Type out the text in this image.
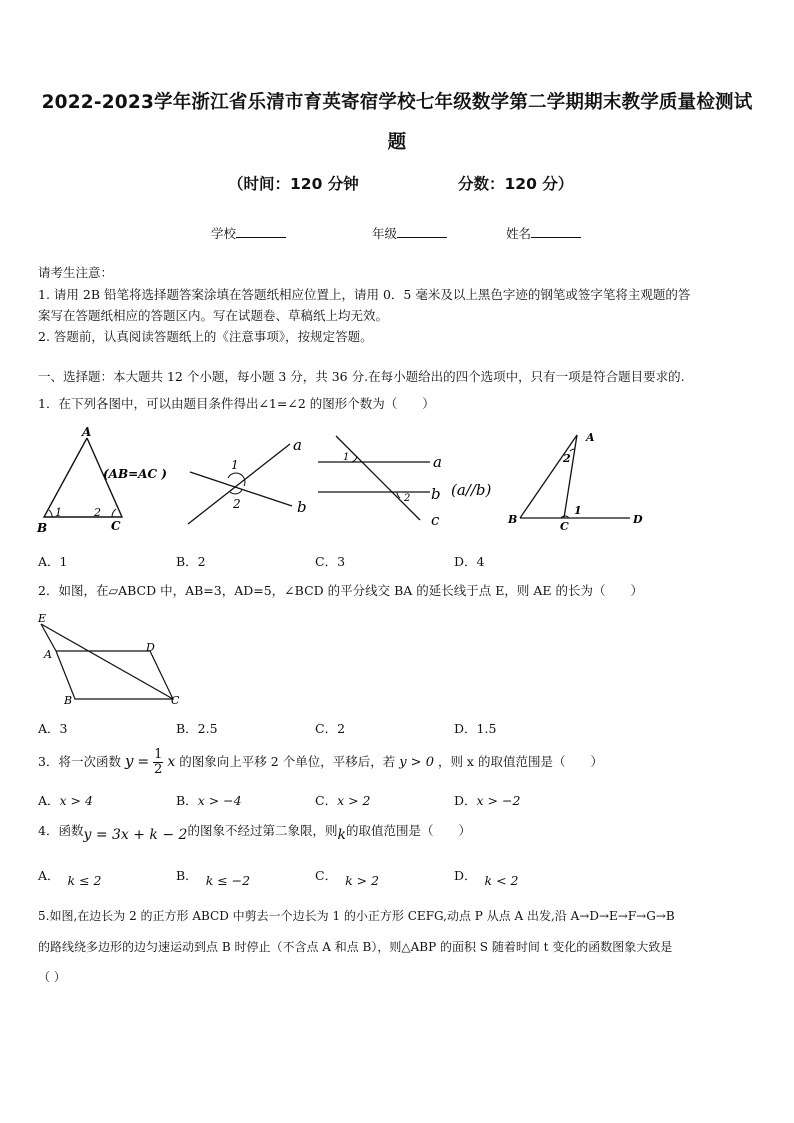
2022-2023学年浙江省乐清市育英寄宿学校七年级数学第二学期期末教学质量检测试
题
（时间：120 分钟	分数：120 分）
学校	年级	姓名
请考生注意：
1. 请用 2B 铅笔将选择题答案涂填在答题纸相应位置上，请用 0．5 毫米及以上黑色字迹的钢笔或签字笔将主观题的答
案写在答题纸相应的答题区内。写在试题卷、草稿纸上均无效。
2. 答题前，认真阅读答题纸上的《注意事项》，按规定答题。
一、选择题：本大题共 12 个小题，每小题 3 分，共 36 分.在每小题给出的四个选项中，只有一项是符合题目要求的.
1．在下列各图中，可以由题目条件得出∠1=∠2 的图形个数为（　　）
A
B	C
1	2
(AB=AC )
1
2
a
b
1
2
a
b
c
(a//b)
A
B
C
D
1
2
A．1	B．2	C．3	D．4
2．如图，在▱ABCD 中，AB=3，AD=5，∠BCD 的平分线交 BA 的延长线于点 E，则 AE 的长为（　　）
E
A
D
B	C
A．3	B．2.5	C．2	D．1.5
3．将一次函数 $y = \frac{1}{2}$ x 的图象向上平移 2 个单位，平移后，若 y > 0 ，则 x 的取值范围是（　　）
A．x > 4	B．x > −4	C．x > 2	D．x > −2
4．函数y = 3x + k − 2的图象不经过第二象限，则k的取值范围是（　　）
A． k ≤ 2	B． k ≤ −2	C． k > 2	D． k < 2
5.如图,在边长为 2 的正方形 ABCD 中剪去一个边长为 1 的小正方形 CEFG,动点 P 从点 A 出发,沿 A→D→E→F→G→B
的路线绕多边形的边匀速运动到点 B 时停止（不含点 A 和点 B），则△ABP 的面积 S 随着时间 t 变化的函数图象大致是
（ ）
